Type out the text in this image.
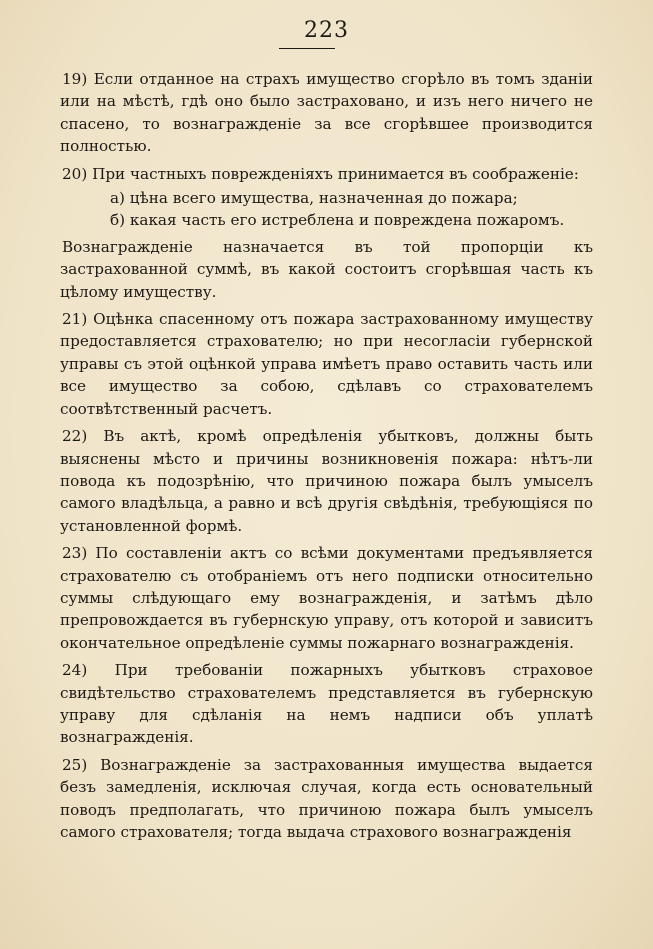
223

19) Если отданное на страхъ имущество сгорѣло въ томъ зданіи или на мѣстѣ, гдѣ оно было застраховано, и изъ него ничего не спасено, то вознагражденіе за все сгорѣвшее производится полностью.

20) При частныхъ поврежденіяхъ принимается въ соображеніе:

а) цѣна всего имущества, назначенная до пожара;

б) какая часть его истреблена и повреждена пожаромъ.

Вознагражденіе назначается въ той пропорціи къ застрахованной суммѣ, въ какой состоитъ сгорѣвшая часть къ цѣлому имуществу.

21) Оцѣнка спасенному отъ пожара застрахованному имуществу предоставляется страхователю; но при несогласіи губернской управы съ этой оцѣнкой управа имѣетъ право оставить часть или все имущество за собою, сдѣлавъ со страхователемъ соотвѣтственный расчетъ.

22) Въ актѣ, кромѣ опредѣленія убытковъ, должны быть выяснены мѣсто и причины возникновенія пожара: нѣтъ-ли повода къ подозрѣнію, что причиною пожара былъ умыселъ самого владѣльца, а равно и всѣ другія свѣдѣнія, требующіяся по установленной формѣ.

23) По составленіи актъ со всѣми документами предъявляется страхователю съ отобраніемъ отъ него подписки относительно суммы слѣдующаго ему вознагражденія, и затѣмъ дѣло препровождается въ губернскую управу, отъ которой и зависитъ окончательное опредѣленіе суммы пожарнаго вознагражденія.

24) При требованіи пожарныхъ убытковъ страховое свидѣтельство страхователемъ представляется въ губернскую управу для сдѣланія на немъ надписи объ уплатѣ вознагражденія.

25) Вознагражденіе за застрахованныя имущества выдается безъ замедленія, исключая случая, когда есть основательный поводъ предполагать, что причиною пожара былъ умыселъ самого страхователя; тогда выдача страхового вознагражденія
